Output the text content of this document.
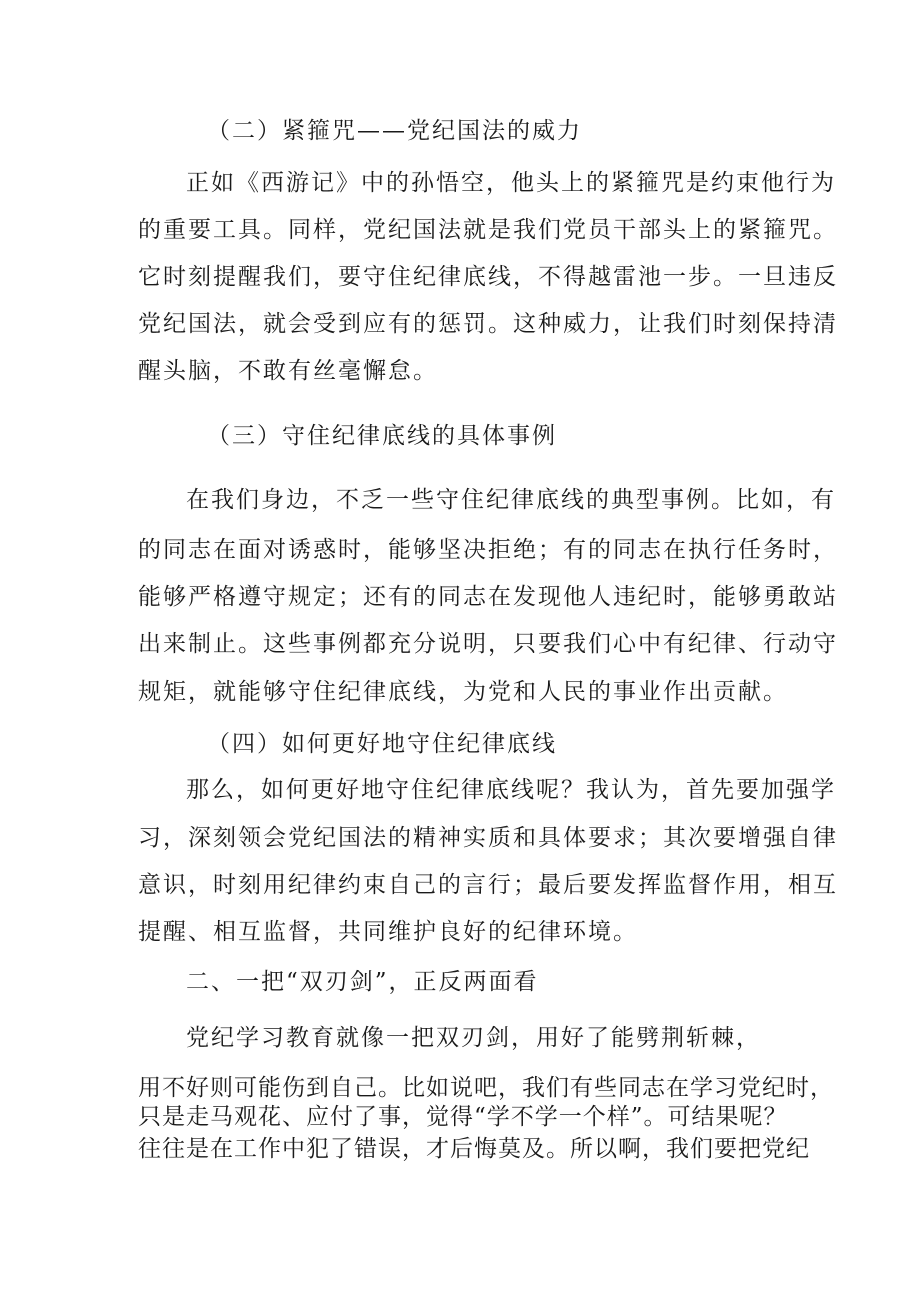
（二）紧箍咒——党纪国法的威力
正如《西游记》中的孙悟空，他头上的紧箍咒是约束他行为
的重要工具。同样，党纪国法就是我们党员干部头上的紧箍咒。
它时刻提醒我们，要守住纪律底线，不得越雷池一步。一旦违反
党纪国法，就会受到应有的惩罚。这种威力，让我们时刻保持清
醒头脑，不敢有丝毫懈怠。
（三）守住纪律底线的具体事例
在我们身边，不乏一些守住纪律底线的典型事例。比如，有
的同志在面对诱惑时，能够坚决拒绝；有的同志在执行任务时，
能够严格遵守规定；还有的同志在发现他人违纪时，能够勇敢站
出来制止。这些事例都充分说明，只要我们心中有纪律、行动守
规矩，就能够守住纪律底线，为党和人民的事业作出贡献。
（四）如何更好地守住纪律底线
那么，如何更好地守住纪律底线呢？我认为，首先要加强学
习，深刻领会党纪国法的精神实质和具体要求；其次要增强自律
意识，时刻用纪律约束自己的言行；最后要发挥监督作用，相互
提醒、相互监督，共同维护良好的纪律环境。
二、一把“双刃剑”，正反两面看
党纪学习教育就像一把双刃剑，用好了能劈荆斩棘，
用不好则可能伤到自己。比如说吧，我们有些同志在学习党纪时，
只是走马观花、应付了事，觉得“学不学一个样”。可结果呢？
往往是在工作中犯了错误，才后悔莫及。所以啊，我们要把党纪
